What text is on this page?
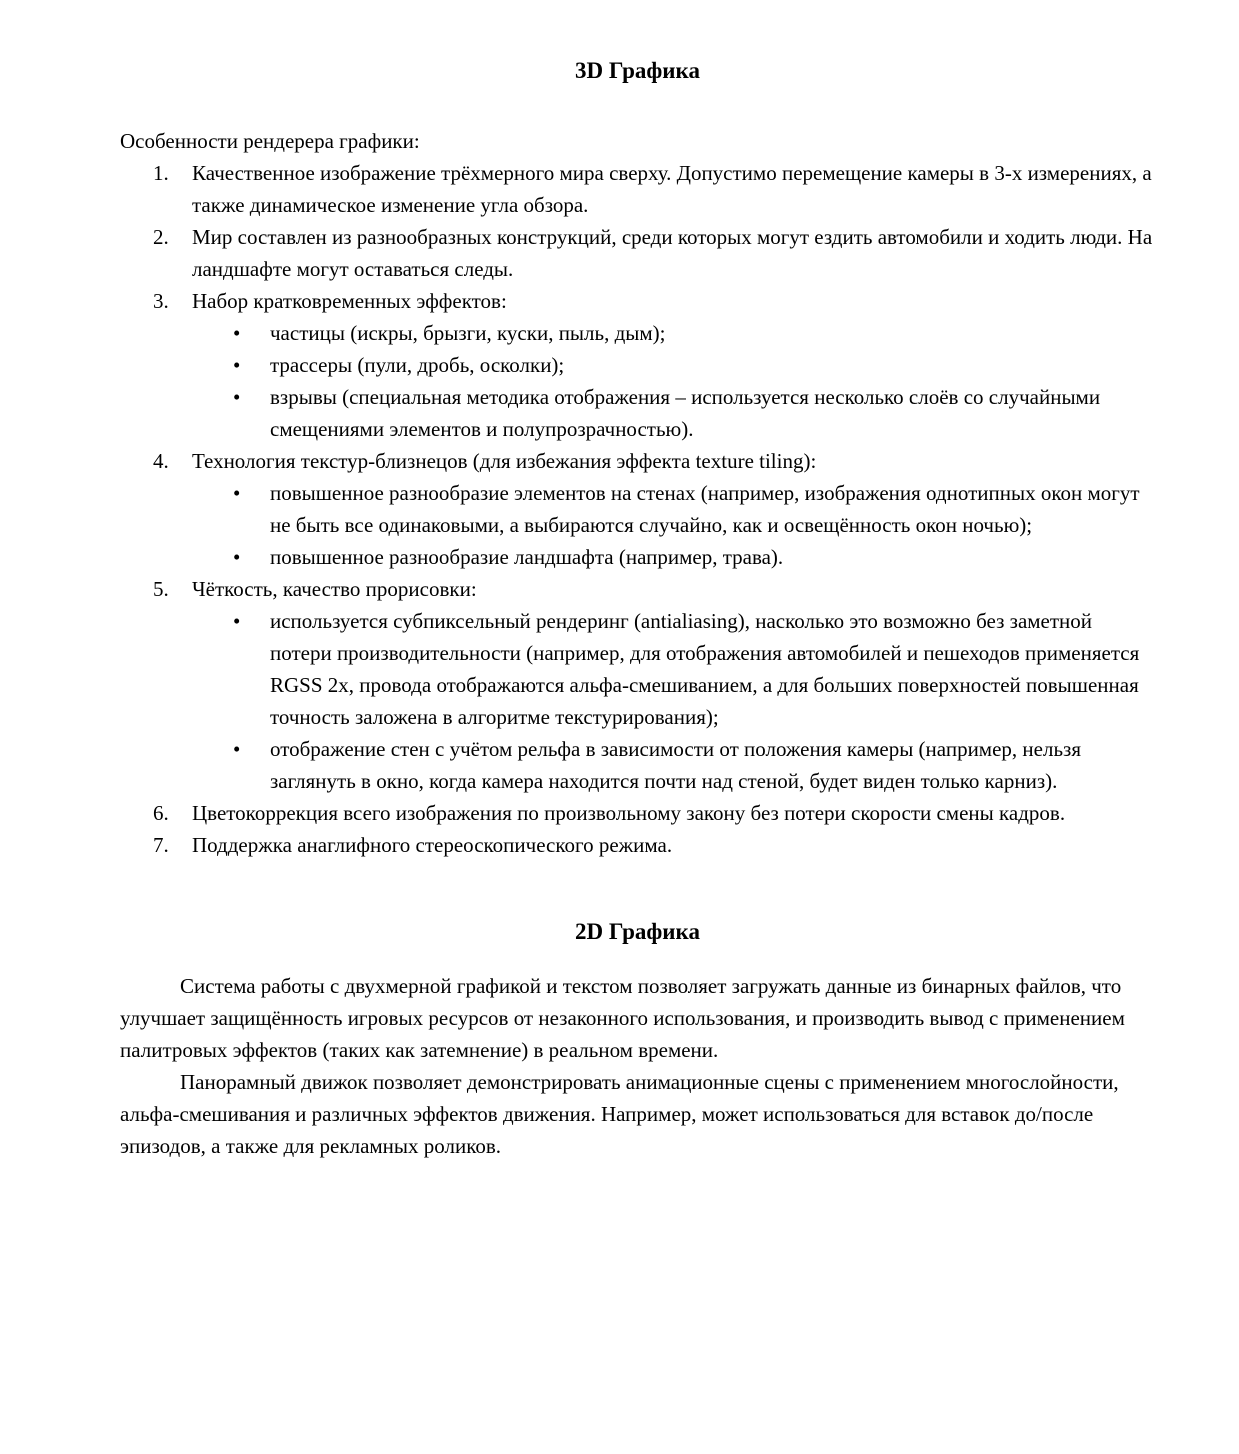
3D Графика

Особенности рендерера графики:

Качественное изображение трёхмерного мира сверху. Допустимо перемещение камеры в 3-х измерениях, а также динамическое изменение угла обзора.
Мир составлен из разнообразных конструкций, среди которых могут ездить автомобили и ходить люди. На ландшафте могут оставаться следы.
Набор кратковременных эффектов:
• частицы (искры, брызги, куски, пыль, дым);
• трассеры (пули, дробь, осколки);
• взрывы (специальная методика отображения – используется несколько слоёв со случайными смещениями элементов и полупрозрачностью).
Технология текстур-близнецов (для избежания эффекта texture tiling):
• повышенное разнообразие элементов на стенах (например, изображения однотипных окон могут не быть все одинаковыми, а выбираются случайно, как и освещённость окон ночью);
• повышенное разнообразие ландшафта (например, трава).
Чёткость, качество прорисовки:
• используется субпиксельный рендеринг (antialiasing), насколько это возможно без заметной потери производительности (например, для отображения автомобилей и пешеходов применяется RGSS 2x, провода отображаются альфа-смешиванием, а для больших поверхностей повышенная точность заложена в алгоритме текстурирования);
• отображение стен с учётом рельфа в зависимости от положения камеры (например, нельзя заглянуть в окно, когда камера находится почти над стеной, будет виден только карниз).
Цветокоррекция всего изображения по произвольному закону без потери скорости смены кадров.
Поддержка анаглифного стереоскопического режима.
2D Графика

Система работы с двухмерной графикой и текстом позволяет загружать данные из бинарных файлов, что улучшает защищённость игровых ресурсов от незаконного использования, и производить вывод с применением палитровых эффектов (таких как затемнение) в реальном времени.

Панорамный движок позволяет демонстрировать анимационные сцены с применением многослойности, альфа-смешивания и различных эффектов движения. Например, может использоваться для вставок до/после эпизодов, а также для рекламных роликов.
